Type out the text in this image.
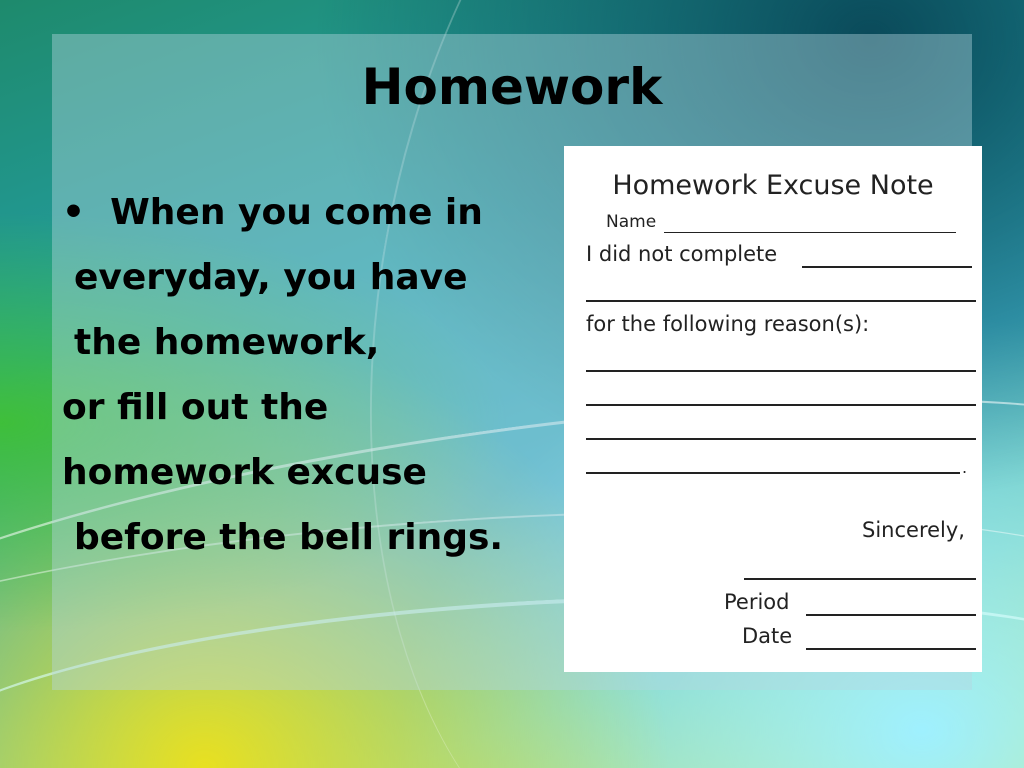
Homework
• When you come in
everyday, you have
the homework,
or fill out the
homework excuse
before the bell rings.
Homework Excuse Note
Name
I did not complete
for the following reason(s):
.
Sincerely,
Period
Date
